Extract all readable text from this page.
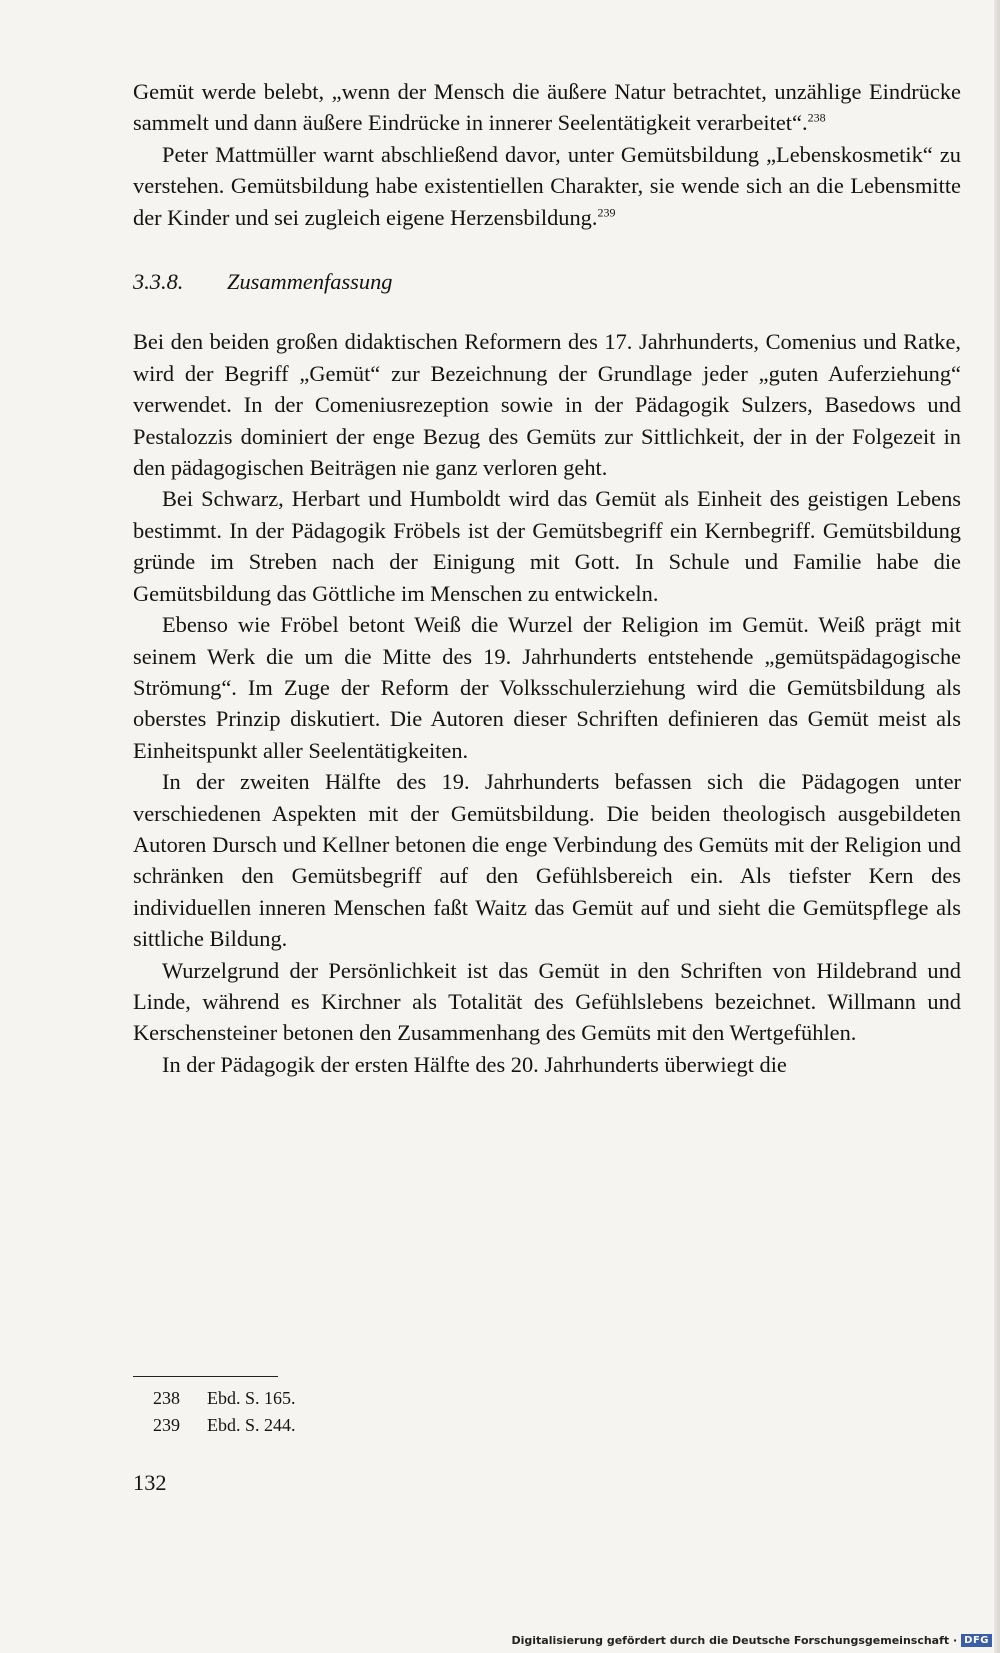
Gemüt werde belebt, „wenn der Mensch die äußere Natur betrachtet, unzählige Eindrücke sammelt und dann äußere Eindrücke in innerer Seelentätigkeit verarbeitet“.$^{238}$

Peter Mattmüller warnt abschließend davor, unter Gemütsbildung „Lebenskosmetik“ zu verstehen. Gemütsbildung habe existentiellen Charakter, sie wende sich an die Lebensmitte der Kinder und sei zugleich eigene Herzensbildung.$^{239}$

3.3.8. Zusammenfassung

Bei den beiden großen didaktischen Reformern des 17. Jahrhunderts, Comenius und Ratke, wird der Begriff „Gemüt“ zur Bezeichnung der Grundlage jeder „guten Auferziehung“ verwendet. In der Comeniusrezeption sowie in der Pädagogik Sulzers, Basedows und Pestalozzis dominiert der enge Bezug des Gemüts zur Sittlichkeit, der in der Folgezeit in den pädagogischen Beiträgen nie ganz verloren geht.

Bei Schwarz, Herbart und Humboldt wird das Gemüt als Einheit des geistigen Lebens bestimmt. In der Pädagogik Fröbels ist der Gemütsbegriff ein Kernbegriff. Gemütsbildung gründe im Streben nach der Einigung mit Gott. In Schule und Familie habe die Gemütsbildung das Göttliche im Menschen zu entwickeln.

Ebenso wie Fröbel betont Weiß die Wurzel der Religion im Gemüt. Weiß prägt mit seinem Werk die um die Mitte des 19. Jahrhunderts entstehende „gemütspädagogische Strömung“. Im Zuge der Reform der Volksschulerziehung wird die Gemütsbildung als oberstes Prinzip diskutiert. Die Autoren dieser Schriften definieren das Gemüt meist als Einheitspunkt aller Seelentätigkeiten.

In der zweiten Hälfte des 19. Jahrhunderts befassen sich die Pädagogen unter verschiedenen Aspekten mit der Gemütsbildung. Die beiden theologisch ausgebildeten Autoren Dursch und Kellner betonen die enge Verbindung des Gemüts mit der Religion und schränken den Gemütsbegriff auf den Gefühlsbereich ein. Als tiefster Kern des individuellen inneren Menschen faßt Waitz das Gemüt auf und sieht die Gemütspflege als sittliche Bildung.

Wurzelgrund der Persönlichkeit ist das Gemüt in den Schriften von Hildebrand und Linde, während es Kirchner als Totalität des Gefühlslebens bezeichnet. Willmann und Kerschensteiner betonen den Zusammenhang des Gemüts mit den Wertgefühlen.

In der Pädagogik der ersten Hälfte des 20. Jahrhunderts überwiegt die

238 Ebd. S. 165.
239 Ebd. S. 244.
132
Digitalisierung gefördert durch die Deutsche Forschungsgemeinschaft · DFG
